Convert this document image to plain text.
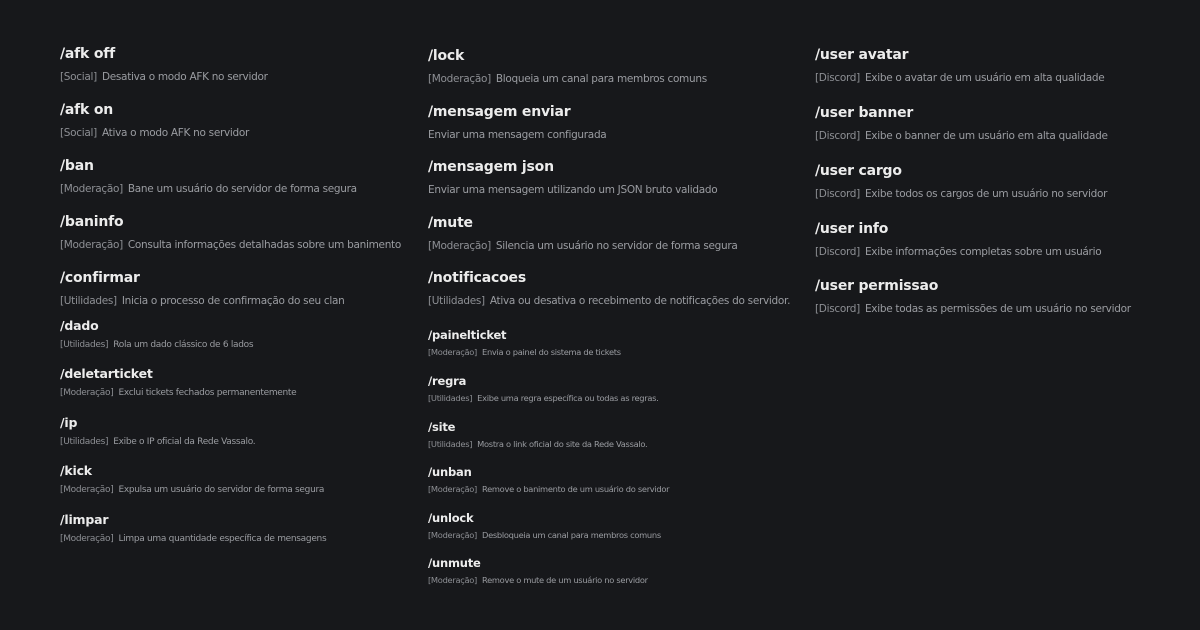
/afk off
[Social] Desativa o modo AFK no servidor
/afk on
[Social] Ativa o modo AFK no servidor
/ban
[Moderação] Bane um usuário do servidor de forma segura
/baninfo
[Moderação] Consulta informações detalhadas sobre um banimento
/confirmar
[Utilidades] Inicia o processo de confirmação do seu clan
/dado
[Utilidades] Rola um dado clássico de 6 lados
/deletarticket
[Moderação] Exclui tickets fechados permanentemente
/ip
[Utilidades] Exibe o IP oficial da Rede Vassalo.
/kick
[Moderação] Expulsa um usuário do servidor de forma segura
/limpar
[Moderação] Limpa uma quantidade específica de mensagens
/lock
[Moderação] Bloqueia um canal para membros comuns
/mensagem enviar
Enviar uma mensagem configurada
/mensagem json
Enviar uma mensagem utilizando um JSON bruto validado
/mute
[Moderação] Silencia um usuário no servidor de forma segura
/notificacoes
[Utilidades] Ativa ou desativa o recebimento de notificações do servidor.
/painelticket
[Moderação] Envia o painel do sistema de tickets
/regra
[Utilidades] Exibe uma regra específica ou todas as regras.
/site
[Utilidades] Mostra o link oficial do site da Rede Vassalo.
/unban
[Moderação] Remove o banimento de um usuário do servidor
/unlock
[Moderação] Desbloqueia um canal para membros comuns
/unmute
[Moderação] Remove o mute de um usuário no servidor
/user avatar
[Discord] Exibe o avatar de um usuário em alta qualidade
/user banner
[Discord] Exibe o banner de um usuário em alta qualidade
/user cargo
[Discord] Exibe todos os cargos de um usuário no servidor
/user info
[Discord] Exibe informações completas sobre um usuário
/user permissao
[Discord] Exibe todas as permissões de um usuário no servidor
